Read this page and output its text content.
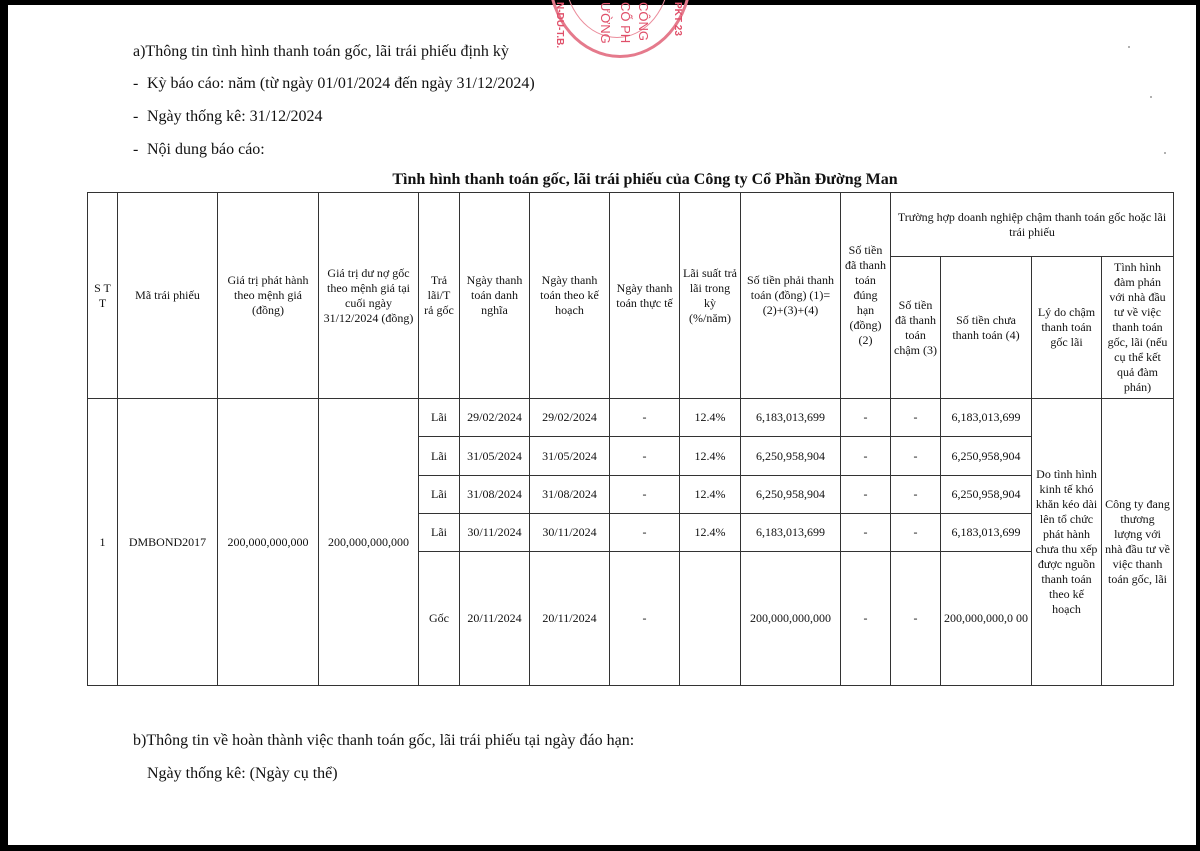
N-DU-T.B.	ƯỜNG CỔ PH CÔNG PKT 23
a)Thông tin tình hình thanh toán gốc, lãi trái phiếu định kỳ
- Kỳ báo cáo: năm (từ ngày 01/01/2024 đến ngày 31/12/2024)
- Ngày thống kê: 31/12/2024
- Nội dung báo cáo:
Tình hình thanh toán gốc, lãi trái phiếu của Công ty Cổ Phần Đường Man
S T T	Mã trái phiếu	Giá trị phát hành theo mệnh giá (đồng)	Giá trị dư nợ gốc theo mệnh giá tại cuối ngày 31/12/2024 (đồng)	Trả lãi/T rả gốc	Ngày thanh toán danh nghĩa	Ngày thanh toán theo kế hoạch	Ngày thanh toán thực tế	Lãi suất trả lãi trong kỳ (%/năm)	Số tiền phải thanh toán (đồng) (1)=(2)+(3)+(4)	Số tiền đã thanh toán đúng hạn (đồng) (2)	Trường hợp doanh nghiệp chậm thanh toán gốc hoặc lãi trái phiếu			
											Số tiền đã thanh toán chậm (3)	Số tiền chưa thanh toán (4)	Lý do chậm thanh toán gốc lãi	Tình hình đàm phán với nhà đầu tư về việc thanh toán gốc, lãi (nếu cụ thể kết quả đàm phán)
1	DMBOND2017	200,000,000,000	200,000,000,000	Lãi	29/02/2024	29/02/2024	-	12.4%	6,183,013,699	-	-	6,183,013,699	Do tình hình kinh tế khó khăn kéo dài lên tổ chức phát hành chưa thu xếp được nguồn thanh toán theo kế hoạch	Công ty đang thương lượng với nhà đầu tư về việc thanh toán gốc, lãi
				Lãi	31/05/2024	31/05/2024	-	12.4%	6,250,958,904	-	-	6,250,958,904		
				Lãi	31/08/2024	31/08/2024	-	12.4%	6,250,958,904	-	-	6,250,958,904		
				Lãi	30/11/2024	30/11/2024	-	12.4%	6,183,013,699	-	-	6,183,013,699		
				Gốc	20/11/2024	20/11/2024	-		200,000,000,000	-	-	200,000,000,0 00		
b)Thông tin về hoàn thành việc thanh toán gốc, lãi trái phiếu tại ngày đáo hạn:
Ngày thống kê: (Ngày cụ thể)
